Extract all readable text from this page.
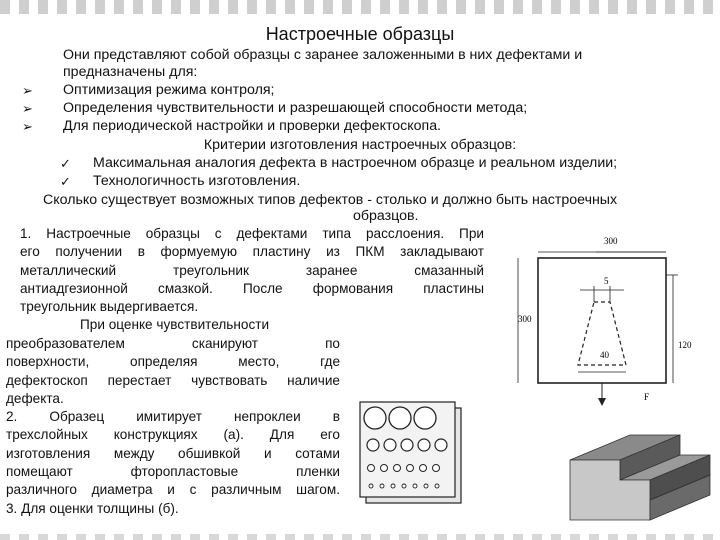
Настроечные образцы
Они представляют собой образцы с заранее заложенными в них дефектами и
предназначены для:
➢ Оптимизация режима контроля;
➢ Определения чувствительности и разрешающей способности метода;
➢ Для периодической настройки и проверки дефектоскопа.
Критерии изготовления настроечных образцов:
✓ Максимальная аналогия дефекта в настроечном образце и реальном изделии;
✓ Технологичность изготовления.
Сколько существует возможных типов дефектов - столько и должно быть настроечных
образцов.
1. Настроечные образцы с дефектами типа расслоения. При
его получении в формуемую пластину из ПКМ закладывают
металлический треугольник заранее смазанный
антиадгезионной смазкой. После формования пластины
треугольник выдергивается.
При оценке чувствительности
преобразователем сканируют по
поверхности, определяя место, где
дефектоскоп перестает чувствовать наличие
дефекта.
2. Образец имитирует непроклеи в
трехслойных конструкциях (а). Для его
изготовления между обшивкой и сотами
помещают фторопластовые пленки
различного диаметра и с различным шагом.
3. Для оценки толщины (б).
300
300
120
5
40
F
